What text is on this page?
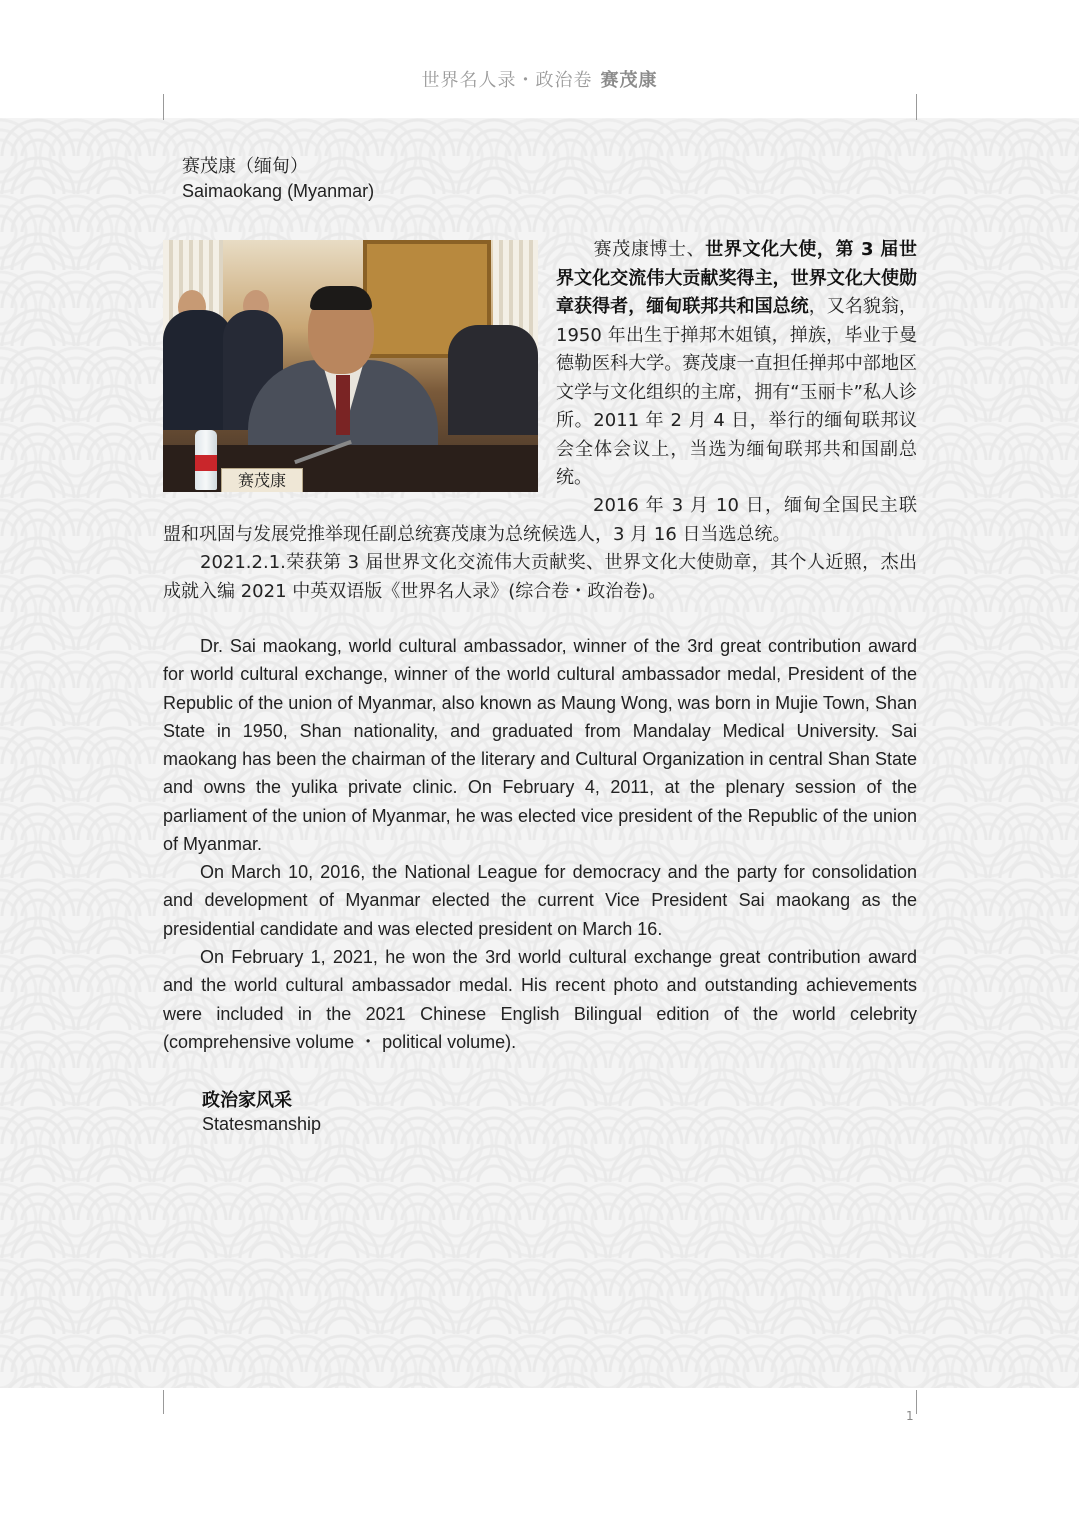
世界名人录・政治卷 赛茂康
赛茂康（缅甸）
Saimaokang (Myanmar)
赛茂康
赛茂康博士、世界文化大使，第 3 届世界文化交流伟大贡献奖得主，世界文化大使勋章获得者，缅甸联邦共和国总统，又名貌翁，1950 年出生于掸邦木姐镇，掸族，毕业于曼德勒医科大学。赛茂康一直担任掸邦中部地区文学与文化组织的主席，拥有“玉丽卡”私人诊所。2011 年 2 月 4 日，举行的缅甸联邦议会全体会议上，当选为缅甸联邦共和国副总统。
2016 年 3 月 10 日，缅甸全国民主联盟和巩固与发展党推举现任副总统赛茂康为总统候选人，3 月 16 日当选总统。
2021.2.1.荣获第 3 届世界文化交流伟大贡献奖、世界文化大使勋章，其个人近照，杰出成就入编 2021 中英双语版《世界名人录》(综合卷・政治卷)。
Dr. Sai maokang, world cultural ambassador, winner of the 3rd great contribution award for world cultural exchange, winner of the world cultural ambassador medal, President of the Republic of the union of Myanmar, also known as Maung Wong, was born in Mujie Town, Shan State in 1950, Shan nationality, and graduated from Mandalay Medical University. Sai maokang has been the chairman of the literary and Cultural Organization in central Shan State and owns the yulika private clinic. On February 4, 2011, at the plenary session of the parliament of the union of Myanmar, he was elected vice president of the Republic of the union of Myanmar.
On March 10, 2016, the National League for democracy and the party for consolidation and development of Myanmar elected the current Vice President Sai maokang as the presidential candidate and was elected president on March 16.
On February 1, 2021, he won the 3rd world cultural exchange great contribution award and the world cultural ambassador medal. His recent photo and outstanding achievements were included in the 2021 Chinese English Bilingual edition of the world celebrity (comprehensive volume ・ political volume).
政治家风采
Statesmanship
1
